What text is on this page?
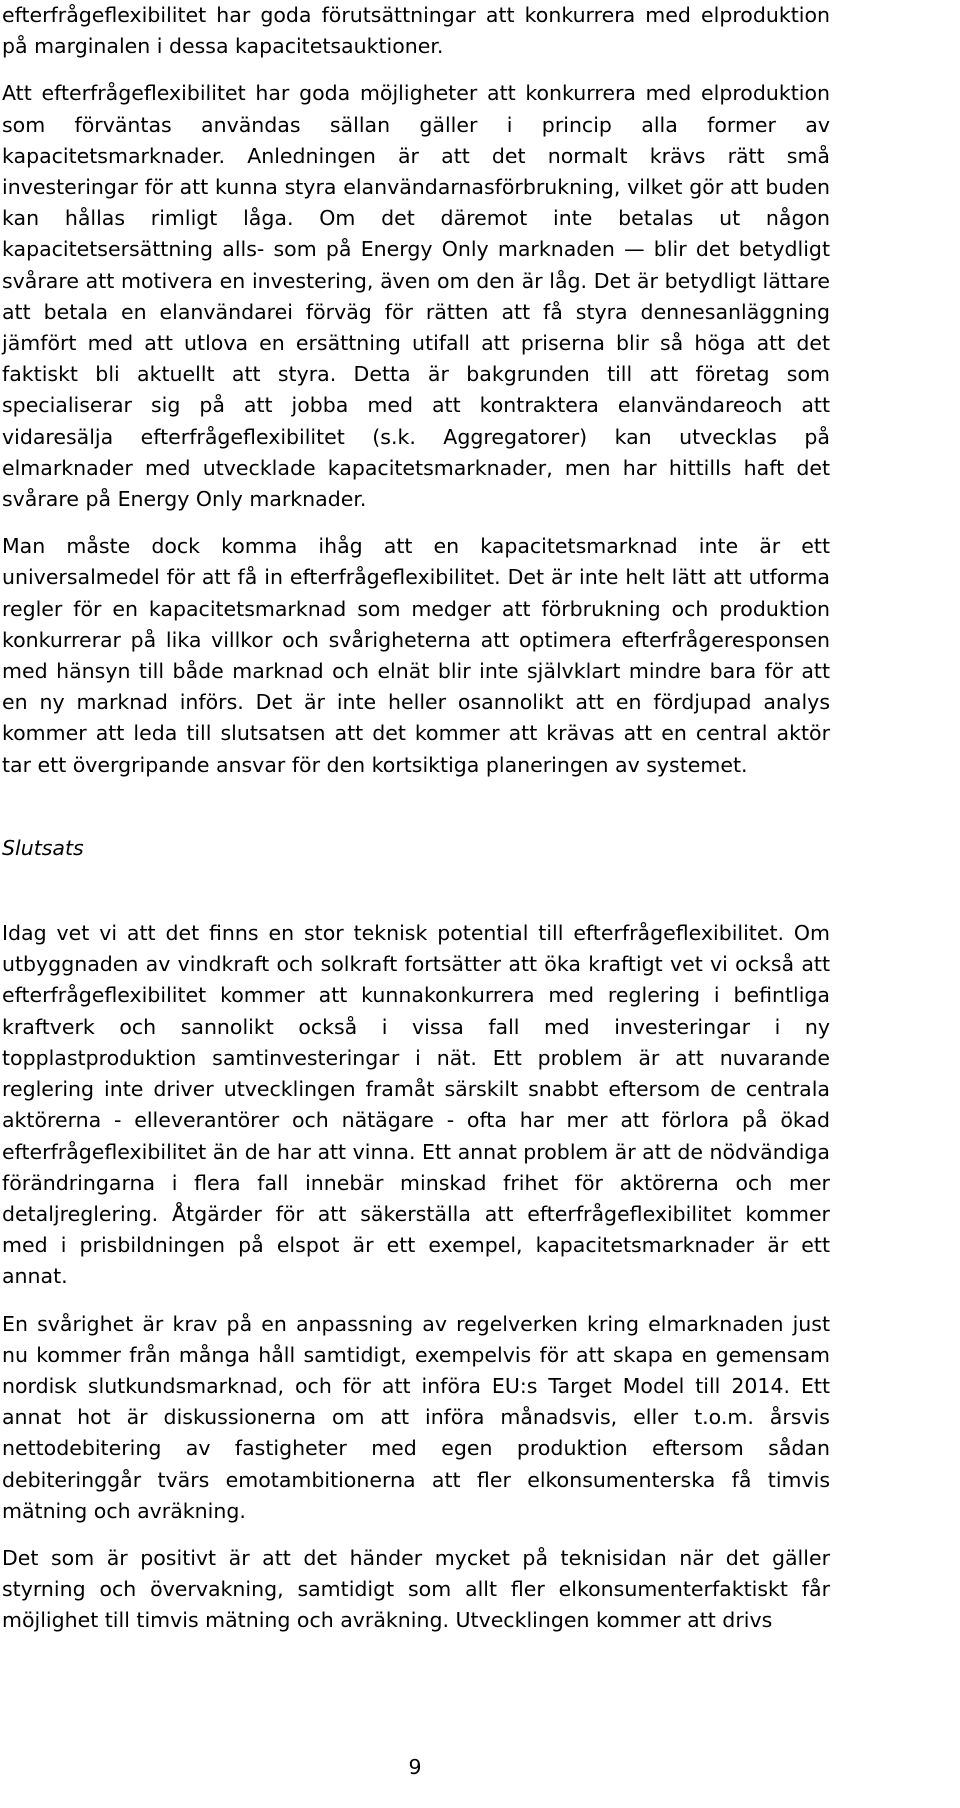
efterfrågeflexibilitet har goda förutsättningar att konkurrera med elproduktion på marginalen i dessa kapacitetsauktioner.

Att efterfrågeflexibilitet har goda möjligheter att konkurrera med elproduktion som förväntas användas sällan gäller i princip alla former av kapacitetsmarknader. Anledningen är att det normalt krävs rätt små investeringar för att kunna styra elanvändarnasförbrukning, vilket gör att buden kan hållas rimligt låga. Om det däremot inte betalas ut någon kapacitetsersättning alls- som på Energy Only marknaden — blir det betydligt svårare att motivera en investering, även om den är låg. Det är betydligt lättare att betala en elanvändarei förväg för rätten att få styra dennesanläggning jämfört med att utlova en ersättning utifall att priserna blir så höga att det faktiskt bli aktuellt att styra. Detta är bakgrunden till att företag som specialiserar sig på att jobba med att kontraktera elanvändareoch att vidaresälja efterfrågeflexibilitet (s.k. Aggregatorer) kan utvecklas på elmarknader med utvecklade kapacitetsmarknader, men har hittills haft det svårare på Energy Only marknader.

Man måste dock komma ihåg att en kapacitetsmarknad inte är ett universalmedel för att få in efterfrågeflexibilitet. Det är inte helt lätt att utforma regler för en kapacitetsmarknad som medger att förbrukning och produktion konkurrerar på lika villkor och svårigheterna att optimera efterfrågeresponsen med hänsyn till både marknad och elnät blir inte självklart mindre bara för att en ny marknad införs. Det är inte heller osannolikt att en fördjupad analys kommer att leda till slutsatsen att det kommer att krävas att en central aktör tar ett övergripande ansvar för den kortsiktiga planeringen av systemet.

Slutsats

Idag vet vi att det finns en stor teknisk potential till efterfrågeflexibilitet. Om utbyggnaden av vindkraft och solkraft fortsätter att öka kraftigt vet vi också att efterfrågeflexibilitet kommer att kunnakonkurrera med reglering i befintliga kraftverk och sannolikt också i vissa fall med investeringar i ny topplastproduktion samtinvesteringar i nät. Ett problem är att nuvarande reglering inte driver utvecklingen framåt särskilt snabbt eftersom de centrala aktörerna - elleverantörer och nätägare - ofta har mer att förlora på ökad efterfrågeflexibilitet än de har att vinna. Ett annat problem är att de nödvändiga förändringarna i flera fall innebär minskad frihet för aktörerna och mer detaljreglering. Åtgärder för att säkerställa att efterfrågeflexibilitet kommer med i prisbildningen på elspot är ett exempel, kapacitetsmarknader är ett annat.

En svårighet är krav på en anpassning av regelverken kring elmarknaden just nu kommer från många håll samtidigt, exempelvis för att skapa en gemensam nordisk slutkundsmarknad, och för att införa EU:s Target Model till 2014. Ett annat hot är diskussionerna om att införa månadsvis, eller t.o.m. årsvis nettodebitering av fastigheter med egen produktion eftersom sådan debiteringgår tvärs emotambitionerna att fler elkonsumenterska få timvis mätning och avräkning.

Det som är positivt är att det händer mycket på teknisidan när det gäller styrning och övervakning, samtidigt som allt fler elkonsumenterfaktiskt får möjlighet till timvis mätning och avräkning. Utvecklingen kommer att drivs

9
